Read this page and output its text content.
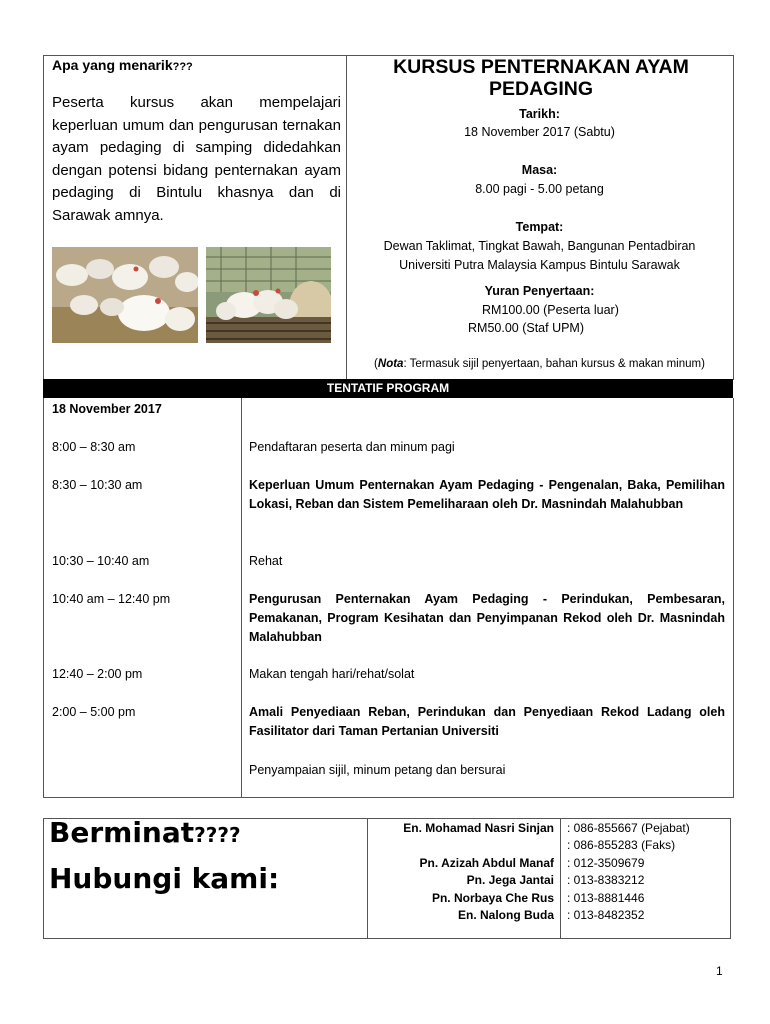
Apa yang menarik???
Peserta kursus akan mempelajari keperluan umum dan pengurusan ternakan ayam pedaging di samping didedahkan dengan potensi bidang penternakan ayam pedaging di Bintulu khasnya dan di Sarawak amnya.
KURSUS PENTERNAKAN AYAM PEDAGING
Tarikh:
18 November 2017 (Sabtu)
Masa:
8.00 pagi - 5.00 petang
Tempat:
Dewan Taklimat, Tingkat Bawah, Bangunan Pentadbiran
Universiti Putra Malaysia Kampus Bintulu Sarawak
Yuran Penyertaan:
RM100.00 (Peserta luar)
RM50.00 (Staf UPM)
(Nota: Termasuk sijil penyertaan, bahan kursus & makan minum)
TENTATIF PROGRAM
18 November 2017
8:00 – 8:30 am	Pendaftaran peserta dan minum pagi
8:30 – 10:30 am	Keperluan Umum Penternakan Ayam Pedaging - Pengenalan, Baka, Pemilihan Lokasi, Reban dan Sistem Pemeliharaan oleh Dr. Masnindah Malahubban
10:30 – 10:40 am	Rehat
10:40 am – 12:40 pm	Pengurusan Penternakan Ayam Pedaging - Perindukan, Pembesaran, Pemakanan, Program Kesihatan dan Penyimpanan Rekod oleh Dr. Masnindah Malahubban
12:40 – 2:00 pm	Makan tengah hari/rehat/solat
2:00 – 5:00 pm	Amali Penyediaan Reban, Perindukan dan Penyediaan Rekod Ladang oleh Fasilitator dari Taman Pertanian Universiti
Penyampaian sijil, minum petang dan bersurai
Berminat????
Hubungi kami:
En. Mohamad Nasri Sinjan : 086-855667 (Pejabat)
: 086-855283 (Faks)
Pn. Azizah Abdul Manaf : 012-3509679
Pn. Jega Jantai : 013-8383212
Pn. Norbaya Che Rus : 013-8881446
En. Nalong Buda : 013-8482352
1
